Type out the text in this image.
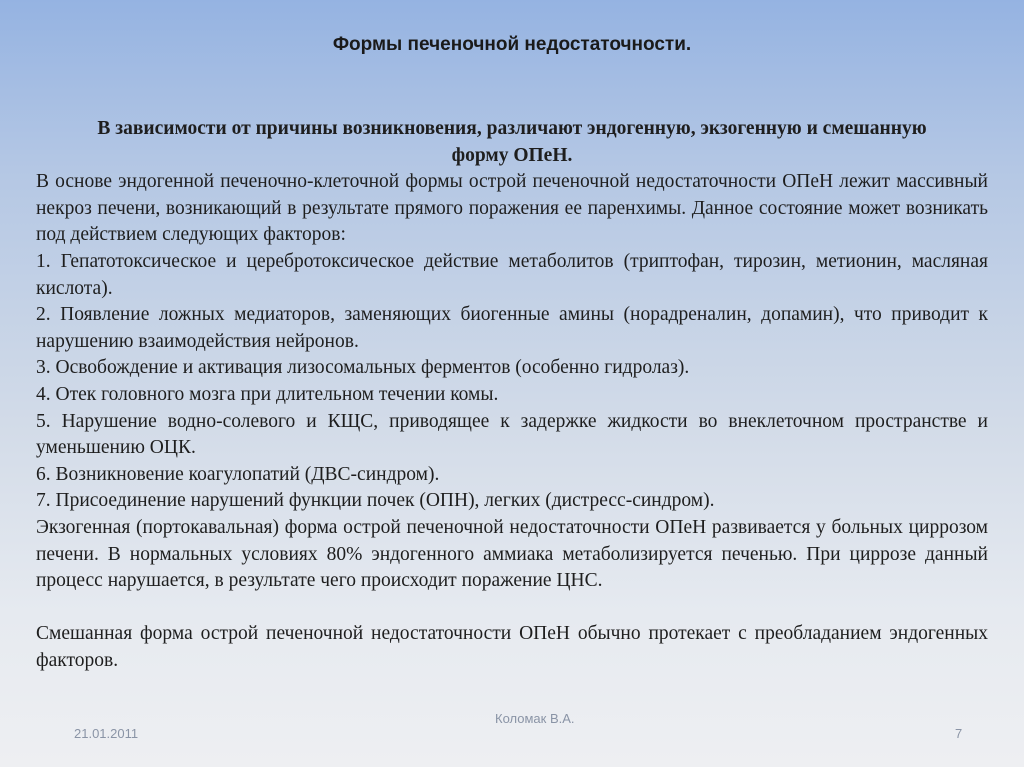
Формы печеночной недостаточности.

В зависимости от причины возникновения, различают эндогенную, экзогенную и смешанную форму ОПеН.

В основе эндогенной печеночно-клеточной формы острой печеночной недостаточности ОПеН лежит массивный некроз печени, возникающий в результате прямого поражения ее паренхимы. Данное состояние может возникать под действием следующих факторов:

1. Гепатотоксическое и церебротоксическое действие метаболитов (триптофан, тирозин, метионин, масляная кислота).

2. Появление ложных медиаторов, заменяющих биогенные амины (норадреналин, допамин), что приводит к нарушению взаимодействия нейронов.

3. Освобождение и активация лизосомальных ферментов (особенно гидролаз).

4. Отек головного мозга при длительном течении комы.

5. Нарушение водно-солевого и КЩС, приводящее к задержке жидкости во внеклеточном пространстве и уменьшению ОЦК.

6. Возникновение коагулопатий (ДВС-синдром).

7. Присоединение нарушений функции почек (ОПН), легких (дистресс-синдром).

Экзогенная (портокавальная) форма острой печеночной недостаточности ОПеН развивается у больных циррозом печени. В нормальных условиях 80% эндогенного аммиака метаболизируется печенью. При циррозе данный процесс нарушается, в результате чего происходит поражение ЦНС.

Смешанная форма острой печеночной недостаточности ОПеН обычно протекает с преобладанием эндогенных факторов.

21.01.2011
Коломак В.А.
7
